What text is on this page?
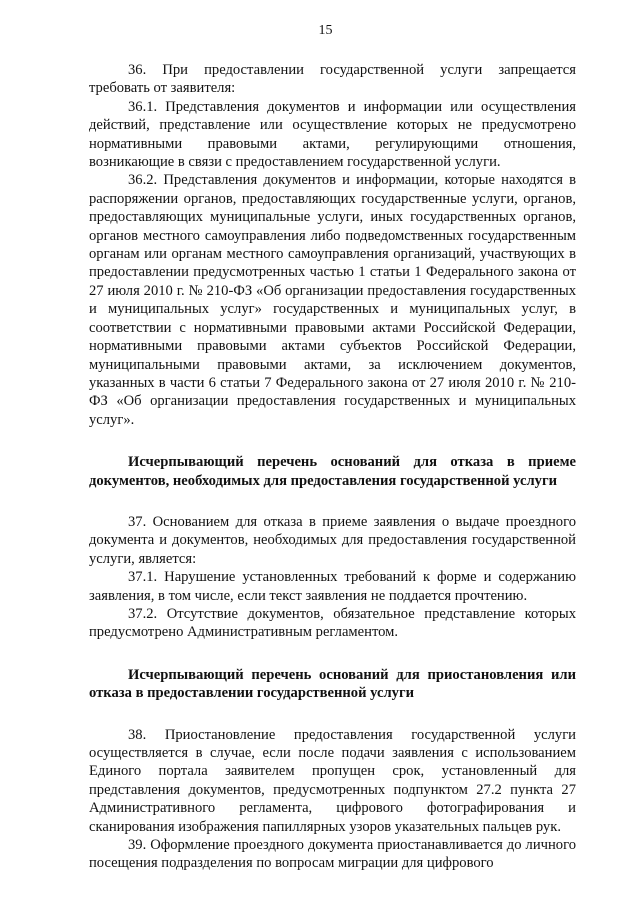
15

36. При предоставлении государственной услуги запрещается требовать от заявителя:

36.1. Представления документов и информации или осуществления действий, представление или осуществление которых не предусмотрено нормативными правовыми актами, регулирующими отношения, возникающие в связи с предоставлением государственной услуги.

36.2. Представления документов и информации, которые находятся в распоряжении органов, предоставляющих государственные услуги, органов, предоставляющих муниципальные услуги, иных государственных органов, органов местного самоуправления либо подведомственных государственным органам или органам местного самоуправления организаций, участвующих в предоставлении предусмотренных частью 1 статьи 1 Федерального закона от 27 июля 2010 г. № 210-ФЗ «Об организации предоставления государственных и муниципальных услуг» государственных и муниципальных услуг, в соответствии с нормативными правовыми актами Российской Федерации, нормативными правовыми актами субъектов Российской Федерации, муниципальными правовыми актами, за исключением документов, указанных в части 6 статьи 7 Федерального закона от 27 июля 2010 г. № 210-ФЗ «Об организации предоставления государственных и муниципальных услуг».

Исчерпывающий перечень оснований для отказа в приеме документов, необходимых для предоставления государственной услуги

37. Основанием для отказа в приеме заявления о выдаче проездного документа и документов, необходимых для предоставления государственной услуги, является:

37.1. Нарушение установленных требований к форме и содержанию заявления, в том числе, если текст заявления не поддается прочтению.

37.2. Отсутствие документов, обязательное представление которых предусмотрено Административным регламентом.

Исчерпывающий перечень оснований для приостановления или отказа в предоставлении государственной услуги

38. Приостановление предоставления государственной услуги осуществляется в случае, если после подачи заявления с использованием Единого портала заявителем пропущен срок, установленный для представления документов, предусмотренных подпунктом 27.2 пункта 27 Административного регламента, цифрового фотографирования и сканирования изображения папиллярных узоров указательных пальцев рук.

39. Оформление проездного документа приостанавливается до личного посещения подразделения по вопросам миграции для цифрового
